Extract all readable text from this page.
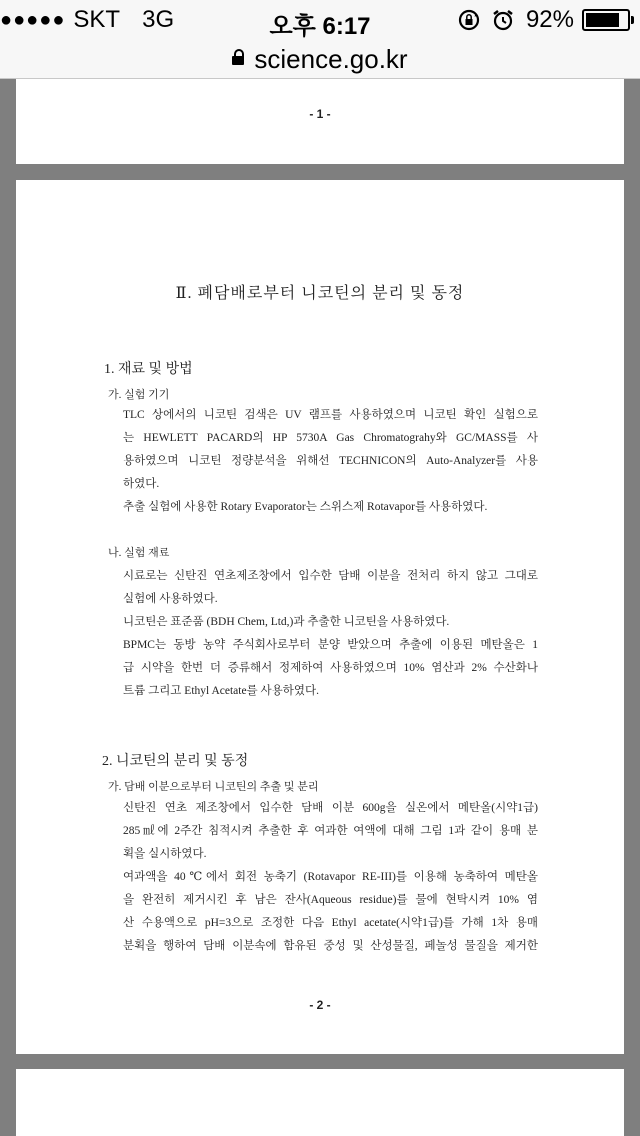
●●●●● SKT 3G	오후 6:17	92%
science.go.kr
- 1 -
Ⅱ. 폐담배로부터 니코틴의 분리 및 동정
1. 재료 및 방법
가. 실험 기기
TLC 상에서의 니코틴 검색은 UV 램프를 사용하였으며 니코틴 확인 실험으로
는 HEWLETT PACARD의 HP 5730A Gas Chromatograhy와 GC/MASS를 사
용하였으며 니코틴 정량분석을 위해선 TECHNICON의 Auto-Analyzer를 사용
하였다.
추출 실험에 사용한 Rotary Evaporator는 스위스제 Rotavapor를 사용하였다.
나. 실험 재료
시료로는 신탄진 연초제조창에서 입수한 담배 이분을 전처리 하지 않고 그대로
실험에 사용하였다.
니코틴은 표준품 (BDH Chem, Ltd,)과 추출한 니코틴을 사용하였다.
BPMC는 동방 농약 주식회사로부터 분양 받았으며 추출에 이용된 메탄올은 1
급 시약을 한번 더 증류해서 정제하여 사용하였으며 10% 염산과 2% 수산화나
트륨 그리고 Ethyl Acetate를 사용하였다.
2. 니코틴의 분리 및 동정
가. 담배 이분으로부터 니코틴의 추출 및 분리
신탄진 연초 제조창에서 입수한 담배 이분 600g을 실온에서 메탄올(시약1급)
285㎖에 2주간 침적시켜 추출한 후 여과한 여액에 대해 그림 1과 같이 용매 분
획을 실시하였다.
여과액을 40℃에서 회전 농축기 (Rotavapor RE-III)를 이용해 농축하여 메탄올
을 완전히 제거시킨 후 남은 잔사(Aqueous residue)를 물에 현탁시켜 10% 염
산 수용액으로 pH=3으로 조정한 다음 Ethyl acetate(시약1급)를 가해 1차 용매
분획을 행하여 담배 이분속에 함유된 중성 및 산성물질, 페놀성 물질을 제거한
- 2 -
